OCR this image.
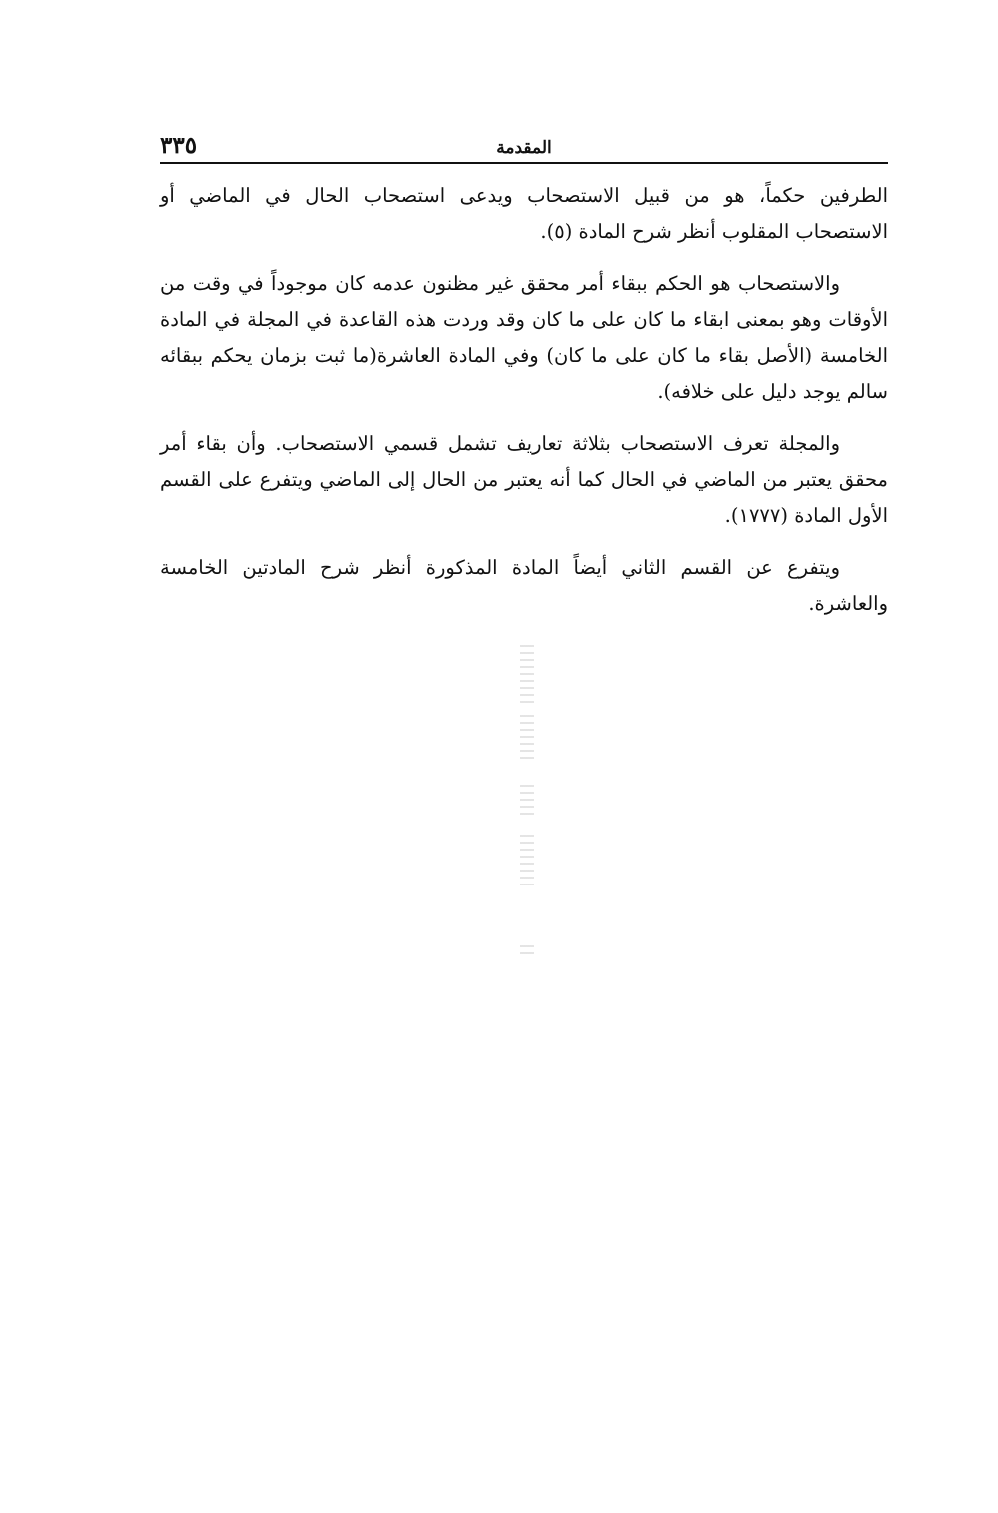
المقدمة
٣٣٥

الطرفين حكماً، هو من قبيل الاستصحاب ويدعى استصحاب الحال في الماضي أو الاستصحاب المقلوب أنظر شرح المادة (٥).

والاستصحاب هو الحكم ببقاء أمر محقق غير مظنون عدمه كان موجوداً في وقت من الأوقات وهو بمعنى ابقاء ما كان على ما كان وقد وردت هذه القاعدة في المجلة في المادة الخامسة (الأصل بقاء ما كان على ما كان) وفي المادة العاشرة(ما ثبت بزمان يحكم ببقائه سالم يوجد دليل على خلافه).

والمجلة تعرف الاستصحاب بثلاثة تعاريف تشمل قسمي الاستصحاب. وأن بقاء أمر محقق يعتبر من الماضي في الحال كما أنه يعتبر من الحال إلى الماضي ويتفرع على القسم الأول المادة (١٧٧٧).

ويتفرع عن القسم الثاني أيضاً المادة المذكورة أنظر شرح المادتين الخامسة والعاشرة.
